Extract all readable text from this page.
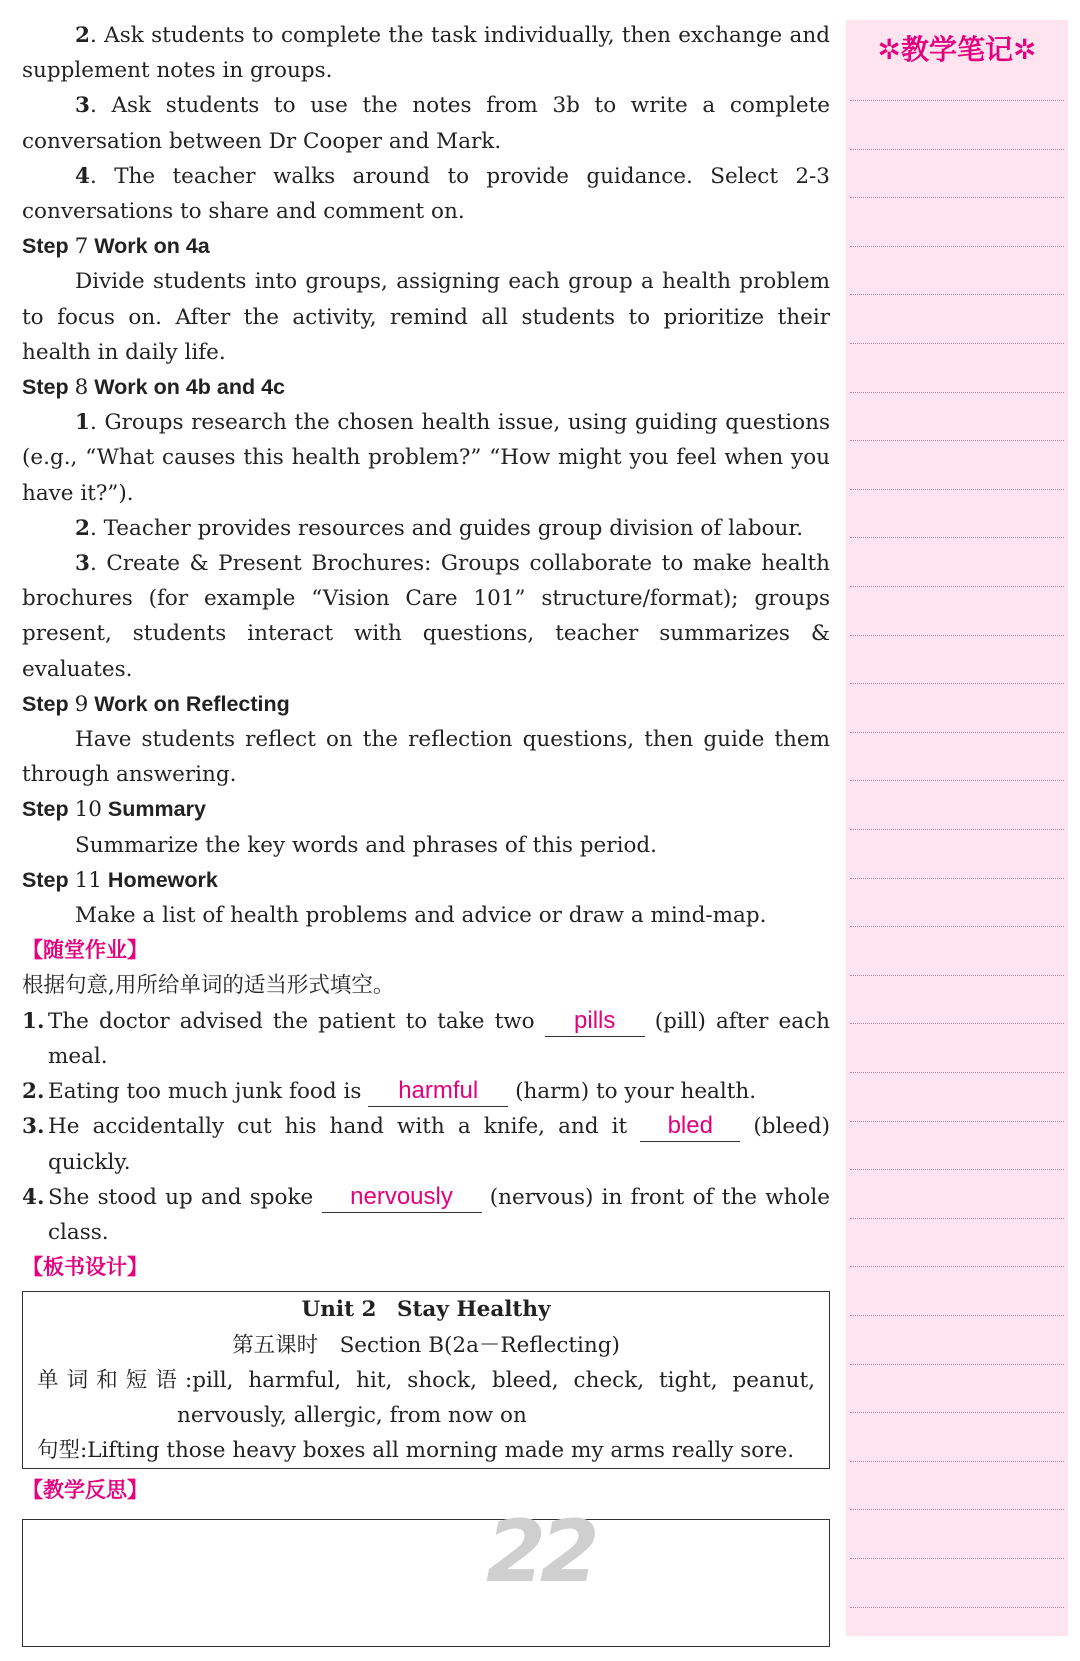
2. Ask students to complete the task individually, then exchange and supplement notes in groups.

3. Ask students to use the notes from 3b to write a complete conversation between Dr Cooper and Mark.

4. The teacher walks around to provide guidance. Select 2-3 conversations to share and comment on.

Step 7 Work on 4a

Divide students into groups, assigning each group a health problem to focus on. After the activity, remind all students to prioritize their health in daily life.

Step 8 Work on 4b and 4c

1. Groups research the chosen health issue, using guiding questions (e.g., “What causes this health problem?” “How might you feel when you have it?”).

2. Teacher provides resources and guides group division of labour.

3. Create & Present Brochures: Groups collaborate to make health brochures (for example “Vision Care 101” structure/format); groups present, students interact with questions, teacher summarizes & evaluates.

Step 9 Work on Reflecting

Have students reflect on the reflection questions, then guide them through answering.

Step 10 Summary

Summarize the key words and phrases of this period.

Step 11 Homework

Make a list of health problems and advice or draw a mind-map.

【随堂作业】

根据句意,用所给单词的适当形式填空。

1. The doctor advised the patient to take two pills (pill) after each meal.

2. Eating too much junk food is harmful (harm) to your health.

3. He accidentally cut his hand with a knife, and it bled (bleed) quickly.

4. She stood up and spoke nervously (nervous) in front of the whole class.

【板书设计】

Unit 2 Stay Healthy

第五课时　Section B(2a－Reflecting)

单词和短语:pill, harmful, hit, shock, bleed, check, tight, peanut, nervously, allergic, from now on

句型:Lifting those heavy boxes all morning made my arms really sore.

【教学反思】

22
✲教学笔记✲
